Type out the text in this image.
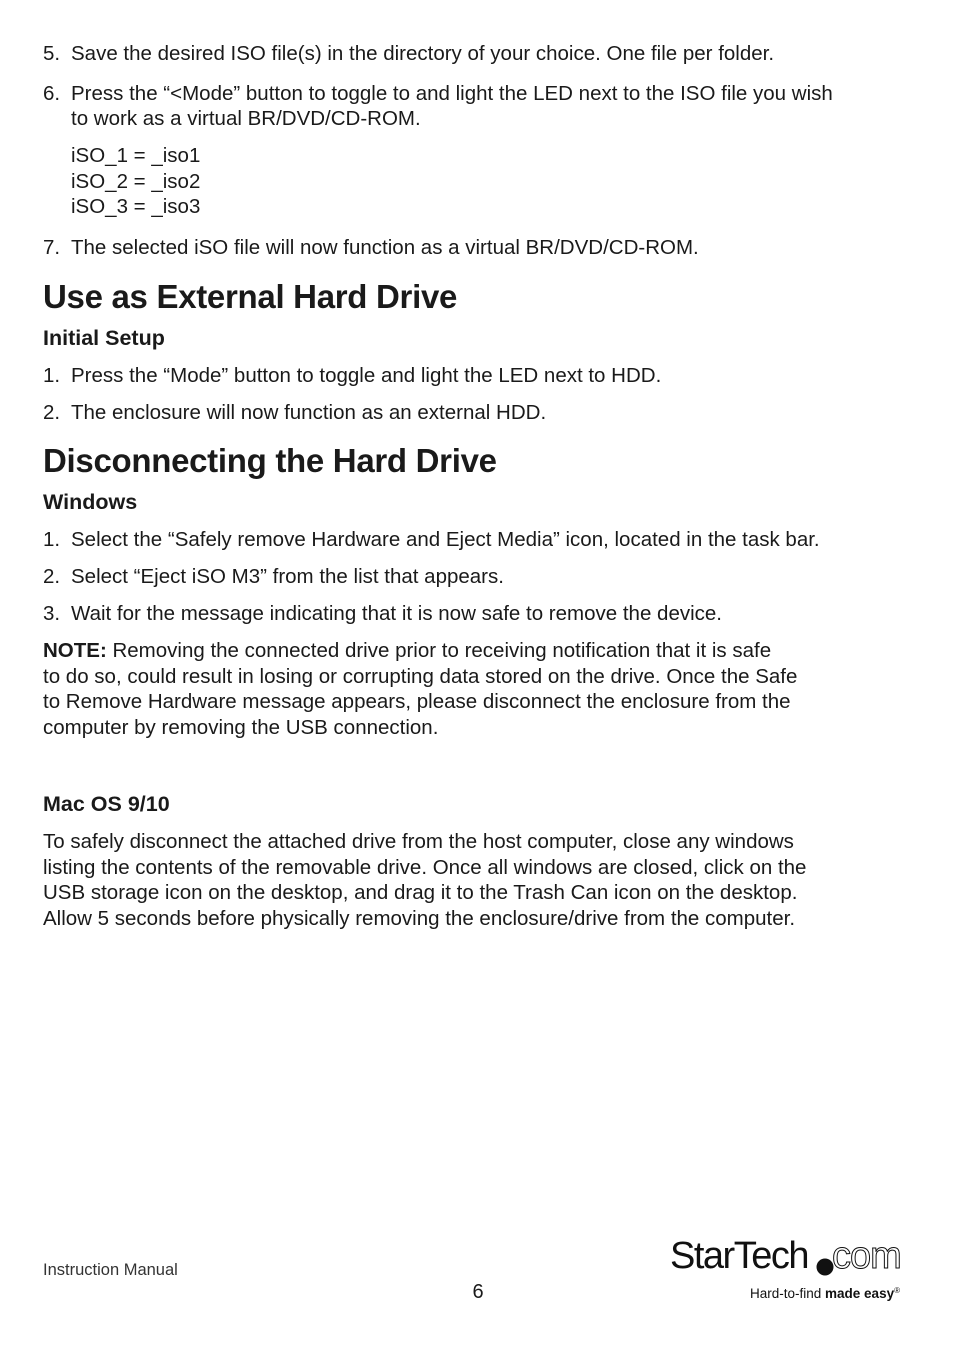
5. Save the desired ISO file(s) in the directory of your choice. One file per folder.
6. Press the “<Mode” button to toggle to and light the LED next to the ISO file you wish
to work as a virtual BR/DVD/CD-ROM.
iSO_1 = _iso1
iSO_2 = _iso2
iSO_3 = _iso3
7. The selected iSO file will now function as a virtual BR/DVD/CD-ROM.
Use as External Hard Drive
Initial Setup
1. Press the “Mode” button to toggle and light the LED next to HDD.
2. The enclosure will now function as an external HDD.
Disconnecting the Hard Drive
Windows
1. Select the “Safely remove Hardware and Eject Media” icon, located in the task bar.
2. Select “Eject iSO M3” from the list that appears.
3. Wait for the message indicating that it is now safe to remove the device.
NOTE: Removing the connected drive prior to receiving notification that it is safe
to do so, could result in losing or corrupting data stored on the drive. Once the Safe
to Remove Hardware message appears, please disconnect the enclosure from the
computer by removing the USB connection.
Mac OS 9/10
To safely disconnect the attached drive from the host computer, close any windows
listing the contents of the removable drive. Once all windows are closed, click on the
USB storage icon on the desktop, and drag it to the Trash Can icon on the desktop.
Allow 5 seconds before physically removing the enclosure/drive from the computer.
Instruction Manual
6
StarTech com
Hard-to-find made easy®
